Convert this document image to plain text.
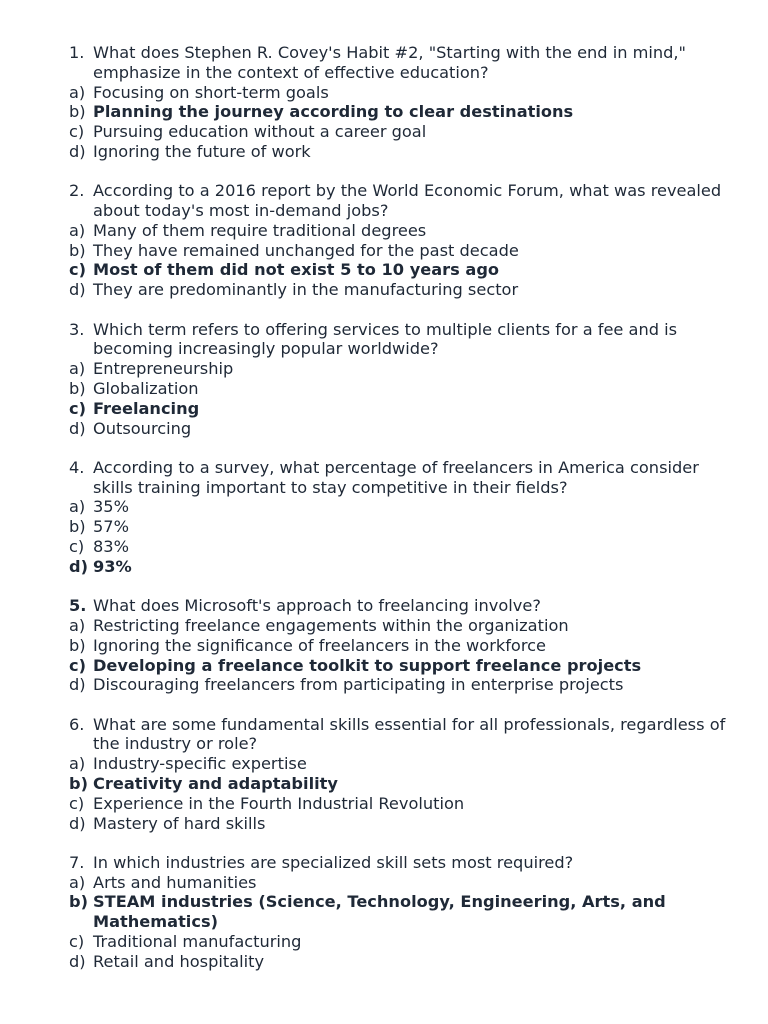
1. What does Stephen R. Covey's Habit #2, "Starting with the end in mind," emphasize in the context of effective education?
a) Focusing on short-term goals
b) Planning the journey according to clear destinations
c) Pursuing education without a career goal
d) Ignoring the future of work
2. According to a 2016 report by the World Economic Forum, what was revealed about today's most in-demand jobs?
a) Many of them require traditional degrees
b) They have remained unchanged for the past decade
c) Most of them did not exist 5 to 10 years ago
d) They are predominantly in the manufacturing sector
3. Which term refers to offering services to multiple clients for a fee and is becoming increasingly popular worldwide?
a) Entrepreneurship
b) Globalization
c) Freelancing
d) Outsourcing
4. According to a survey, what percentage of freelancers in America consider skills training important to stay competitive in their fields?
a) 35%
b) 57%
c) 83%
d) 93%
5. What does Microsoft's approach to freelancing involve?
a) Restricting freelance engagements within the organization
b) Ignoring the significance of freelancers in the workforce
c) Developing a freelance toolkit to support freelance projects
d) Discouraging freelancers from participating in enterprise projects
6. What are some fundamental skills essential for all professionals, regardless of the industry or role?
a) Industry-specific expertise
b) Creativity and adaptability
c) Experience in the Fourth Industrial Revolution
d) Mastery of hard skills
7. In which industries are specialized skill sets most required?
a) Arts and humanities
b) STEAM industries (Science, Technology, Engineering, Arts, and Mathematics)
c) Traditional manufacturing
d) Retail and hospitality
